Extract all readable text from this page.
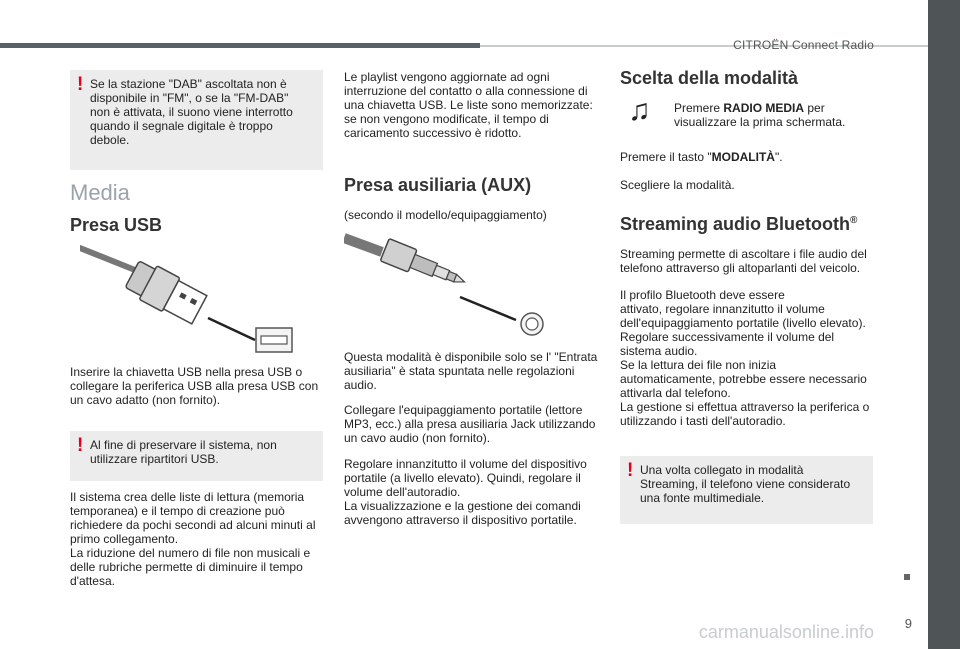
CITROËN Connect Radio
! Se la stazione "DAB" ascoltata non è disponibile in "FM", o se la "FM-DAB" non è attivata, il suono viene interrotto quando il segnale digitale è troppo debole.
Media
Presa USB

Inserire la chiavetta USB nella presa USB o collegare la periferica USB alla presa USB con un cavo adatto (non fornito).

! Al fine di preservare il sistema, non utilizzare ripartitori USB.

Il sistema crea delle liste di lettura (memoria temporanea) e il tempo di creazione può richiedere da pochi secondi ad alcuni minuti al primo collegamento.
La riduzione del numero di file non musicali e delle rubriche permette di diminuire il tempo d'attesa.

Le playlist vengono aggiornate ad ogni interruzione del contatto o alla connessione di una chiavetta USB. Le liste sono memorizzate: se non vengono modificate, il tempo di caricamento successivo è ridotto.

Presa ausiliaria (AUX)

(secondo il modello/equipaggiamento)

Questa modalità è disponibile solo se l' "Entrata ausiliaria" è stata spuntata nelle regolazioni audio.

Collegare l'equipaggiamento portatile (lettore MP3, ecc.) alla presa ausiliaria Jack utilizzando un cavo audio (non fornito).

Regolare innanzitutto il volume del dispositivo portatile (a livello elevato). Quindi, regolare il volume dell'autoradio.
La visualizzazione e la gestione dei comandi avvengono attraverso il dispositivo portatile.

Scelta della modalità
♫ Premere RADIO MEDIA per visualizzare la prima schermata.

Premere il tasto "MODALITÀ".

Scegliere la modalità.

Streaming audio Bluetooth®

Streaming permette di ascoltare i file audio del telefono attraverso gli altoparlanti del veicolo.

Il profilo Bluetooth deve essere
attivato, regolare innanzitutto il volume dell'equipaggiamento portatile (livello elevato).
Regolare successivamente il volume del sistema audio.
Se la lettura dei file non inizia automaticamente, potrebbe essere necessario attivarla dal telefono.
La gestione si effettua attraverso la periferica o utilizzando i tasti dell'autoradio.

! Una volta collegato in modalità Streaming, il telefono viene considerato una fonte multimediale.
9
carmanualsonline.info
